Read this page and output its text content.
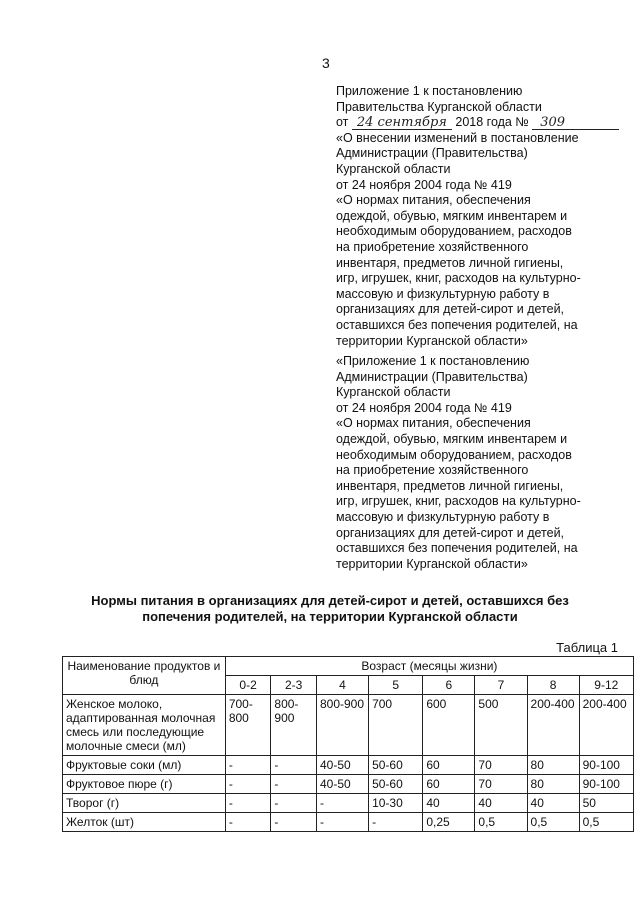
3
Приложение 1 к постановлению
Правительства Курганской области
от 24 сентября 2018 года № 309
«О внесении изменений в постановление
Администрации (Правительства)
Курганской области
от 24 ноября 2004 года № 419
«О нормах питания, обеспечения
одеждой, обувью, мягким инвентарем и
необходимым оборудованием, расходов
на приобретение хозяйственного
инвентаря, предметов личной гигиены,
игр, игрушек, книг, расходов на культурно-
массовую и физкультурную работу в
организациях для детей-сирот и детей,
оставшихся без попечения родителей, на
территории Курганской области»
«Приложение 1 к постановлению
Администрации (Правительства)
Курганской области
от 24 ноября 2004 года № 419
«О нормах питания, обеспечения
одеждой, обувью, мягким инвентарем и
необходимым оборудованием, расходов
на приобретение хозяйственного
инвентаря, предметов личной гигиены,
игр, игрушек, книг, расходов на культурно-
массовую и физкультурную работу в
организациях для детей-сирот и детей,
оставшихся без попечения родителей, на
территории Курганской области»
Нормы питания в организациях для детей-сирот и детей, оставшихся без
попечения родителей, на территории Курганской области
Таблица 1
Наименование продуктов и блюд	Возраст (месяцы жизни)							
	0-2	2-3	4	5	6	7	8	9-12
Женское молоко, адаптированная молочная смесь или последующие молочные смеси (мл)	700-800	800-900	800-900	700	600	500	200-400	200-400
Фруктовые соки (мл)	-	-	40-50	50-60	60	70	80	90-100
Фруктовое пюре (г)	-	-	40-50	50-60	60	70	80	90-100
Творог (г)	-	-	-	10-30	40	40	40	50
Желток (шт)	-	-	-	-	0,25	0,5	0,5	0,5
